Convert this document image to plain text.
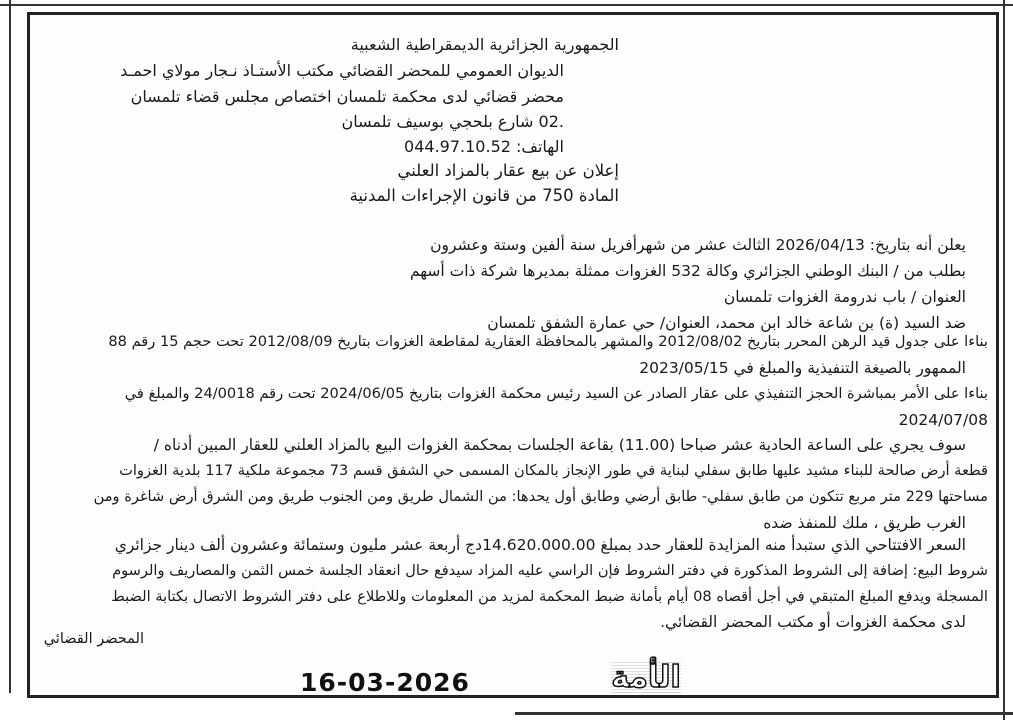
الجمهورية الجزائرية الديمقراطية الشعبية
الديوان العمومي للمحضر القضائي مكتب الأستـاذ نـجار مولاي احمـد
محضر قضائي لدى محكمة تلمسان اختصاص مجلس قضاء تلمسان
.02 شارع بلحجي بوسيف تلمسان
الهاتف: 044.97.10.52
إعلان عن بيع عقار بالمزاد العلني
المادة 750 من قانون الإجراءات المدنية
يعلن أنه بتاريخ: 2026/04/13 الثالث عشر من شهرأفريل سنة ألفين وستة وعشرون
بطلب من / البنك الوطني الجزائري وكالة 532 الغزوات ممثلة بمديرها شركة ذات أسهم
العنوان / باب ندرومة الغزوات تلمسان
ضد السيد (ة) بن شاعة خالد ابن محمد، العنوان/ حي عمارة الشفق تلمسان
بناءا على جدول قيد الرهن المحرر بتاريخ 2012/08/02 والمشهر بالمحافظة العقارية لمقاطعة الغزوات بتاريخ 2012/08/09 تحت حجم 15 رقم 88
الممهور بالصيغة التنفيذية والمبلغ في 2023/05/15
بناءا على الأمر بمباشرة الحجز التنفيذي على عقار الصادر عن السيد رئيس محكمة الغزوات بتاريخ 2024/06/05 تحت رقم 24/0018 والمبلغ في
2024/07/08
سوف يجري على الساعة الحادية عشر صباحا (11.00) بقاعة الجلسات بمحكمة الغزوات البيع بالمزاد العلني للعقار المبين أدناه /
قطعة أرض صالحة للبناء مشيد عليها طابق سفلي لبناية في طور الإنجاز بالمكان المسمى حي الشفق قسم 73 مجموعة ملكية 117 بلدية الغزوات
مساحتها 229 متر مربع تتكون من طابق سفلي- طابق أرضي وطابق أول يحدها: من الشمال طريق ومن الجنوب طريق ومن الشرق أرض شاغرة ومن
الغرب طريق ، ملك للمنفذ ضده
السعر الافتتاحي الذي ستبدأ منه المزايدة للعقار حدد بمبلغ 14.620.000.00دج أربعة عشر مليون وستمائة وعشرون ألف دينار جزائري
شروط البيع: إضافة إلى الشروط المذكورة في دفتر الشروط فإن الراسي عليه المزاد سيدفع حال انعقاد الجلسة خمس الثمن والمصاريف والرسوم
المسجلة ويدفع المبلغ المتبقي في أجل أقصاه 08 أيام بأمانة ضبط المحكمة لمزيد من المعلومات وللاطلاع على دفتر الشروط الاتصال بكتابة الضبط
لدى محكمة الغزوات أو مكتب المحضر القضائي.
المحضر القضائي
16-03-2026	الأمة
